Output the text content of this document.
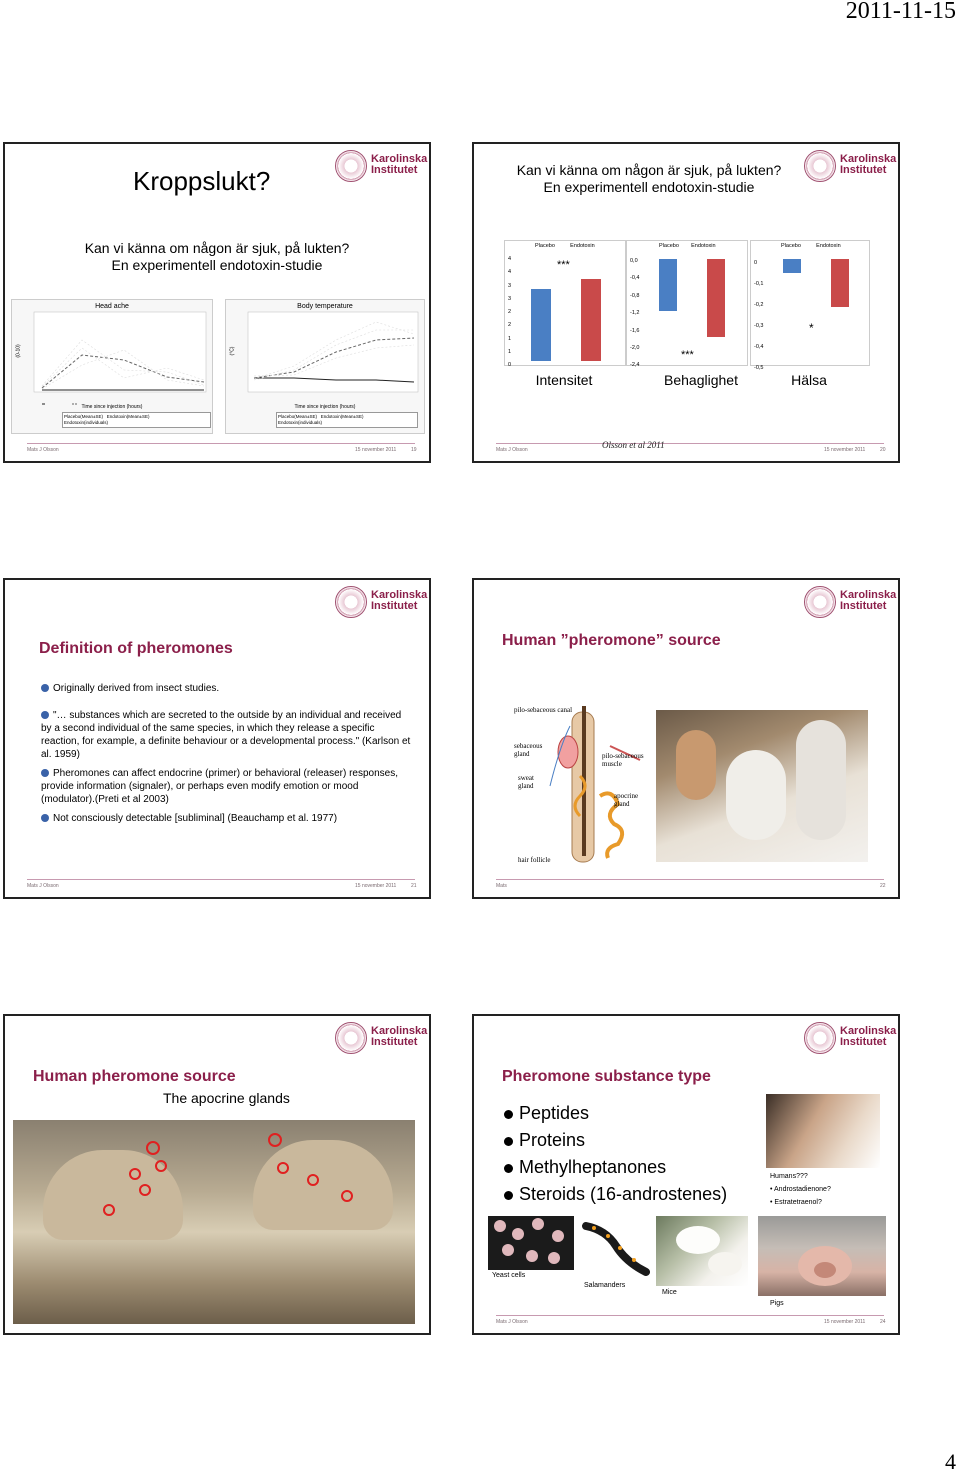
2011-11-15
Karolinska
Institutet
Kroppslukt?
Kan vi känna om någon är sjuk, på lukten?
En experimentell endotoxin-studie
Head ache
(0-10)
Time since injection (hours)
Placebo(Mean±SE) Endotoxin(Mean±SE)
Endotoxin(individuals)
Body temperature
(°C)
Time since injection (hours)
Placebo(Mean±SE) Endotoxin(Mean±SE)
Endotoxin(individuals)
Mats J Olsson	15 november 2011	19
Karolinska
Institutet
Kan vi känna om någon är sjuk, på lukten?
En experimentell endotoxin-studie
Placebo	Endotoxin
4
4
3
3
2
2
1
1
0
***
Intensitet
Placebo Endotoxin
0,0
-0,4
-0,8
-1,2
-1,6
-2,0
-2,4
***
Behaglighet
Placebo	Endotoxin
0
-0,1
-0,2
-0,3
-0,4
-0,5
*
Hälsa
Mats J Olsson	Olsson et al 2011	15 november 2011	20
Karolinska
Institutet
Definition of pheromones
Originally derived from insect studies.
"… substances which are secreted to the outside by an individual and received by a second individual of the same species, in which they release a specific reaction, for example, a definite behaviour or a developmental process." (Karlson et al. 1959)
Pheromones can affect endocrine (primer) or behavioral (releaser) responses, provide information (signaler), or perhaps even modify emotion or mood (modulator).(Preti et al 2003)
Not consciously detectable [subliminal] (Beauchamp et al. 1977)
Mats J Olsson	15 november 2011	21
Karolinska
Institutet
Human ”pheromone” source
pilo-sebaceous canal
sebaceous gland	pilo-sebaceous muscle
sweat gland
apocrine gland
hair follicle
Mats	22
Karolinska
Institutet
Human pheromone source
The apocrine glands
Karolinska
Institutet
Pheromone substance type
Peptides
Proteins
Methylheptanones
Steroids (16-androstenes)
Humans???
• Androstadienone?
• Estratetraenol?
Yeast cells
Salamanders
Mice
Pigs
Mats J Olsson	15 november 2011	24
4
